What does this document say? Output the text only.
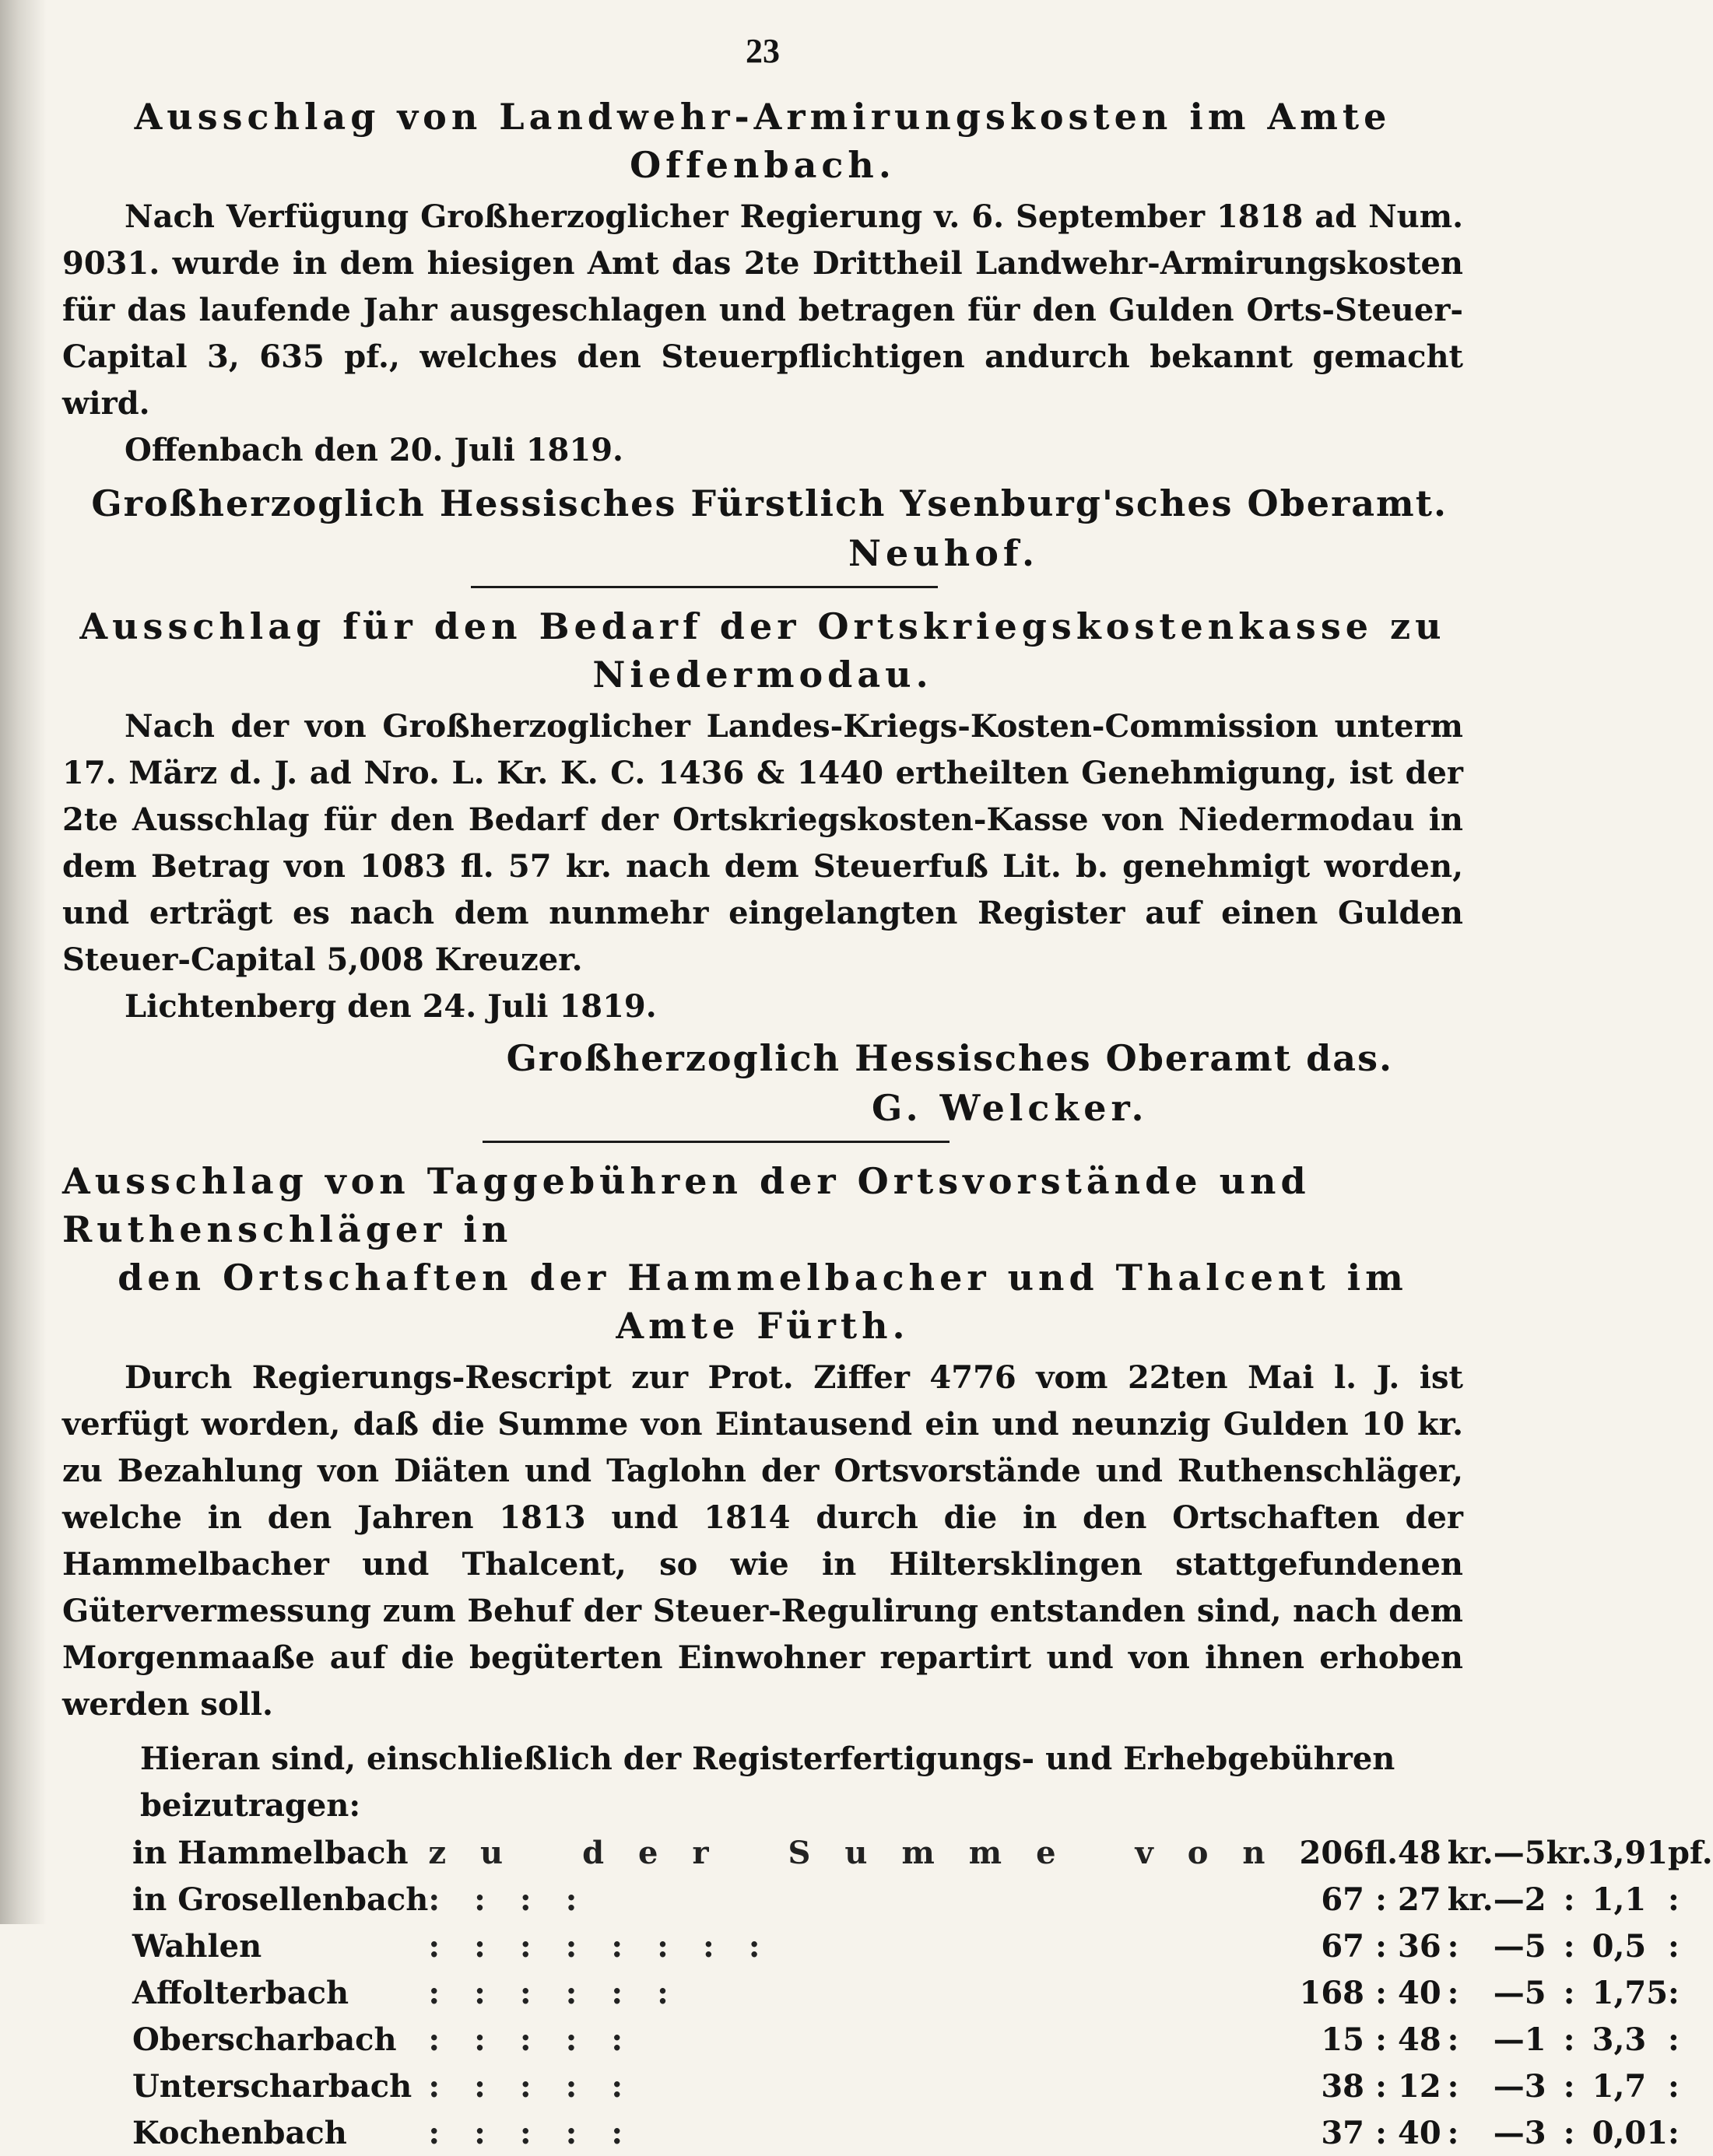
23
Ausschlag von Landwehr-Armirungskosten im Amte Offenbach.

Nach Verfügung Großherzoglicher Regierung v. 6. September 1818 ad Num. 9031. wurde in dem hiesigen Amt das 2te Drittheil Landwehr-Armirungskosten für das laufende Jahr ausgeschlagen und betragen für den Gulden Orts-Steuer-Capital 3, 635 pf., welches den Steuerpflichtigen andurch bekannt gemacht wird.

Offenbach den 20. Juli 1819.

Großherzoglich Hessisches Fürstlich Ysenburg'sches Oberamt.

Neuhof.

Ausschlag für den Bedarf der Ortskriegskostenkasse zu
Niedermodau.

Nach der von Großherzoglicher Landes-Kriegs-Kosten-Commission unterm 17. März d. J. ad Nro. L. Kr. K. C. 1436 & 1440 ertheilten Genehmigung, ist der 2te Ausschlag für den Bedarf der Ortskriegskosten-Kasse von Niedermodau in dem Betrag von 1083 fl. 57 kr. nach dem Steuerfuß Lit. b. genehmigt worden, und erträgt es nach dem nunmehr eingelangten Register auf einen Gulden Steuer-Capital 5,008 Kreuzer.

Lichtenberg den 24. Juli 1819.

Großherzoglich Hessisches Oberamt das.

G. Welcker.

Ausschlag von Taggebühren der Ortsvorstände und Ruthenschläger in
den Ortschaften der Hammelbacher und Thalcent im Amte Fürth.

Durch Regierungs-Rescript zur Prot. Ziffer 4776 vom 22ten Mai l. J. ist verfügt worden, daß die Summe von Eintausend ein und neunzig Gulden 10 kr. zu Bezahlung von Diäten und Taglohn der Ortsvorstände und Ruthenschläger, welche in den Jahren 1813 und 1814 durch die in den Ortschaften der Hammelbacher und Thalcent, so wie in Hiltersklingen stattgefundenen Gütervermessung zum Behuf der Steuer-Regulirung entstanden sind, nach dem Morgenmaaße auf die begüterten Einwohner repartirt und von ihnen erhoben werden soll.

Hieran sind, einschließlich der Registerfertigungs- und Erhebgebühren beizutragen:

in Hammelbach	zu der Summe von	206	fl.	48	kr.	—	5	kr.	3,91	pf.
in Grosellenbach	::::	67	:	27	kr.	—	2	:	1,1	:
Wahlen	::::::::	67	:	36	:	—	5	:	0,5	:
Affolterbach	::::::	168	:	40	:	—	5	:	1,75	:
Oberscharbach	:::::	15	:	48	:	—	1	:	3,3	:
Unterscharbach	:::::	38	:	12	:	—	3	:	1,7	:
Kochenbach	:::::	37	:	40	:	—	3	:	0,01	:
